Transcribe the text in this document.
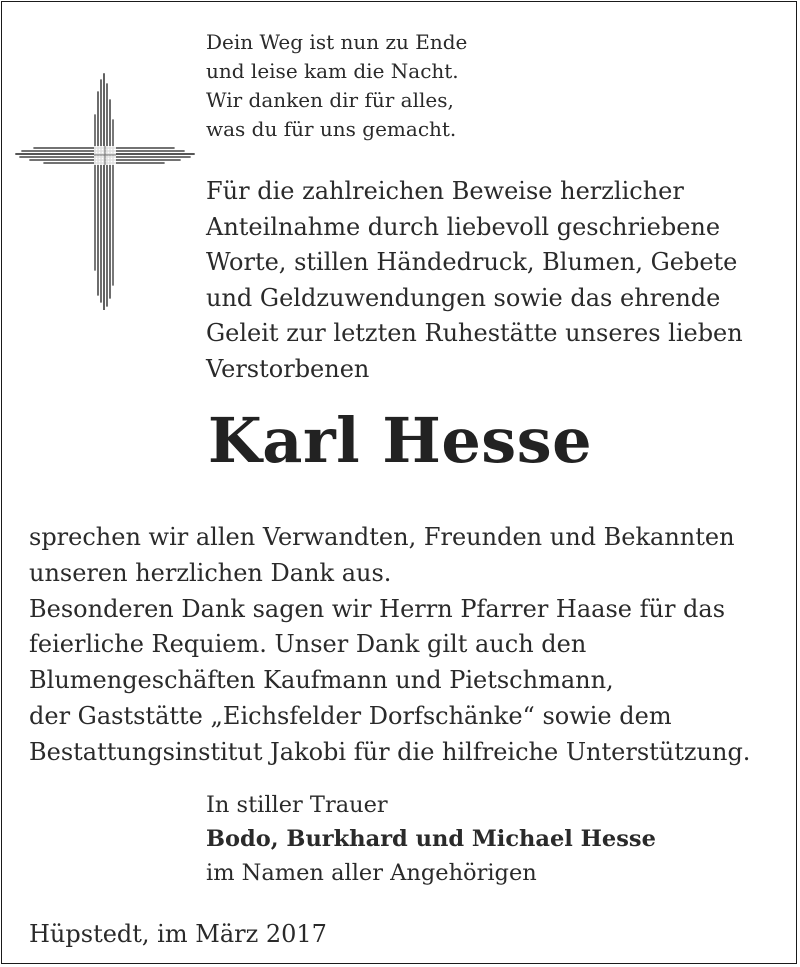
Dein Weg ist nun zu Ende
und leise kam die Nacht.
Wir danken dir für alles,
was du für uns gemacht.
Für die zahlreichen Beweise herzlicher
Anteilnahme durch liebevoll geschriebene
Worte, stillen Händedruck, Blumen, Gebete
und Geldzuwendungen sowie das ehrende
Geleit zur letzten Ruhestätte unseres lieben
Verstorbenen
Karl Hesse
sprechen wir allen Verwandten, Freunden und Bekannten
unseren herzlichen Dank aus.
Besonderen Dank sagen wir Herrn Pfarrer Haase für das
feierliche Requiem. Unser Dank gilt auch den
Blumengeschäften Kaufmann und Pietschmann,
der Gaststätte „Eichsfelder Dorfschänke“ sowie dem
Bestattungsinstitut Jakobi für die hilfreiche Unterstützung.
In stiller Trauer
Bodo, Burkhard und Michael Hesse
im Namen aller Angehörigen
Hüpstedt, im März 2017
